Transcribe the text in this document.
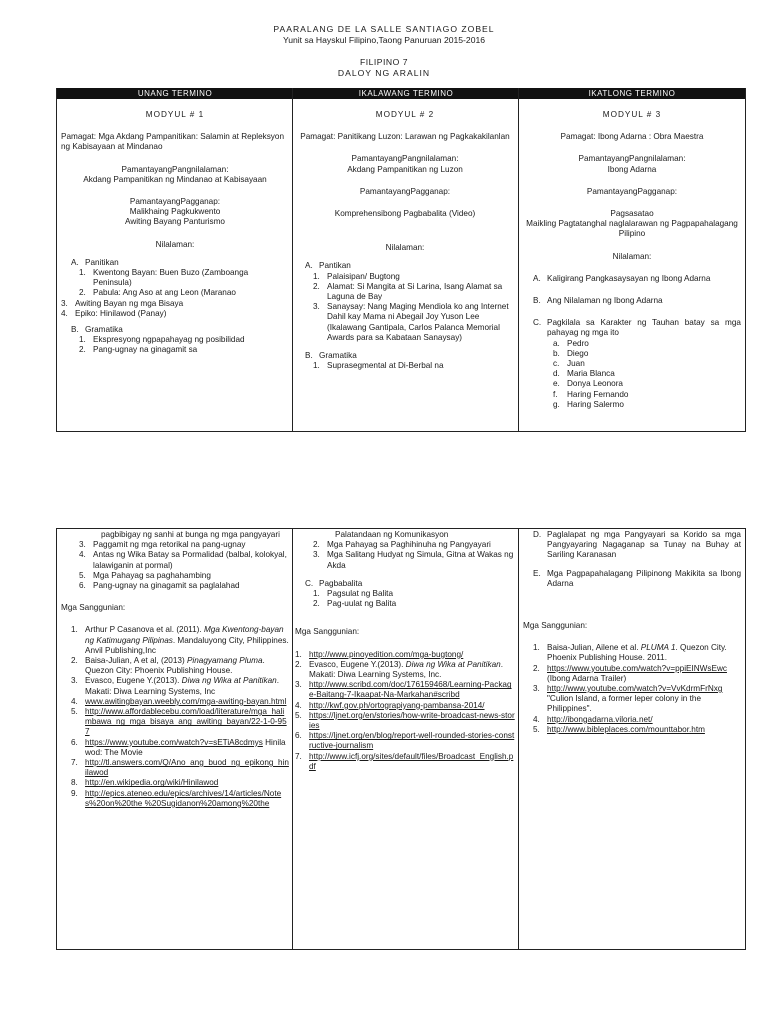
PAARALANG DE LA SALLE SANTIAGO ZOBEL
Yunit sa Hayskul Filipino,Taong Panuruan 2015-2016
FILIPINO 7
DALOY NG ARALIN
UNANG TERMINO	IKALAWANG TERMINO	IKATLONG TERMINO
MODYUL # 1
Pamagat: Mga Akdang Pampanitikan: Salamin at Repleksyon ng Kabisayaan at Mindanao
PamantayangPangnilalaman:
Akdang Pampanitikan ng Mindanao at Kabisayaan
PamantayangPagganap:
Malikhaing Pagkukwento
Awiting Bayang Panturismo
Nilalaman:
A. Panitikan
1. Kwentong Bayan: Buen Buzo (Zamboanga Peninsula)
2. Pabula: Ang Aso at ang Leon (Maranao
3. Awiting Bayan ng mga Bisaya
4. Epiko: Hinilawod (Panay)
B. Gramatika
1. Ekspresyong ngpapahayag ng posibilidad
2. Pang-ugnay na ginagamit sa
MODYUL # 2
Pamagat: Panitikang Luzon: Larawan ng Pagkakakilanlan
PamantayangPangnilalaman:
Akdang Pampanitikan ng Luzon
PamantayangPagganap:
Komprehensibong Pagbabalita (Video)
Nilalaman:
A. Pantikan
1. Palaisipan/ Bugtong
2. Alamat: Si Mangita at Si Larina, Isang Alamat sa Laguna de Bay
3. Sanaysay: Nang Maging Mendiola ko ang Internet Dahil kay Mama ni Abegail Joy Yuson Lee (Ikalawang Gantipala, Carlos Palanca Memorial Awards para sa Kabataan Sanaysay)
B. Gramatika
1. Suprasegmental at Di-Berbal na
MODYUL # 3
Pamagat: Ibong Adarna : Obra Maestra
PamantayangPangnilalaman:
Ibong Adarna
PamantayangPagganap:
Pagsasatao
Maikling Pagtatanghal naglalarawan ng Pagpapahalagang Pilipino
Nilalaman:
A. Kaligirang Pangkasaysayan ng Ibong Adarna
B. Ang Nilalaman ng Ibong Adarna
C. Pagkilala sa Karakter ng Tauhan batay sa mga pahayag ng mga ito
a. Pedro
b. Diego
c. Juan
d. Maria Blanca
e. Donya Leonora
f.	Haring Fernando
g. Haring Salermo
pagbibigay ng sanhi at bunga ng mga pangyayari
3. Paggamit ng mga retorikal na pang-ugnay
4. Antas ng Wika Batay sa Pormalidad (balbal, kolokyal, lalawiganin at pormal)
5. Mga Pahayag sa paghahambing
6. Pang-ugnay na ginagamit sa paglalahad
Mga Sanggunian:
1. Arthur P Casanova et al. (2011). Mga Kwentong-bayan ng Katimugang Pilipinas. Mandaluyong City, Philippines. Anvil Publishing,Inc
2. Baisa-Julian, A et al, (2013) Pinagyamang Pluma. Quezon City: Phoenix Publishing House.
3. Evasco, Eugene Y.(2013). Diwa ng Wika at Panitikan. Makati: Diwa Learning Systems, Inc
4. www.awitingbayan.weebly.com/mga-awiting-bayan.html
5. http://www.affordablecebu.com/load/literature/mga_halimbawa_ng_mga_bisaya_ang_awiting_bayan/22-1-0-957
6. https://www.youtube.com/watch?v=sETiA8cdmys Hinilawod: The Movie
7. http://tl.answers.com/Q/Ano_ang_buod_ng_epikong_hinilawod
8. http://en.wikipedia.org/wiki/Hinilawod
9. http://epics.ateneo.edu/epics/archives/14/articles/Notes%20on%20the %20Sugidanon%20among%20the
Palatandaan ng Komunikasyon
2. Mga Pahayag sa Paghihinuha ng Pangyayari
3. Mga Salitang Hudyat ng Simula, Gitna at Wakas ng Akda
C. Pagbabalita
1. Pagsulat ng Balita
2. Pag-uulat ng Balita
Mga Sanggunian:
1. http://www.pinoyedition.com/mga-bugtong/
2. Evasco, Eugene Y.(2013). Diwa ng Wika at Panitikan. Makati: Diwa Learning Systems, Inc.
3. http://www.scribd.com/doc/176159468/Learning-Package-Baitang-7-Ikaapat-Na-Markahan#scribd
4. http://kwf.gov.ph/ortograpiyang-pambansa-2014/
5. https://ljnet.org/en/stories/how-write-broadcast-news-stories
6. https://ljnet.org/en/blog/report-well-rounded-stories-constructive-journalism
7. http://www.icfj.org/sites/default/files/Broadcast_English.pdf
D. Paglalapat ng mga Pangyayari sa Korido sa mga Pangyayaring Nagaganap sa Tunay na Buhay at Sariling Karanasan
E. Mga Pagpapahalagang Pilipinong Makikita sa Ibong Adarna
Mga Sanggunian:
1. Baisa-Julian, Ailene et al. PLUMA 1. Quezon City. Phoenix Publishing House. 2011.
2. https://www.youtube.com/watch?v=ppiEINWsEwc
(Ibong Adarna Trailer)
3. http://www.youtube.com/watch?v=VvKdrmFrNxg "Culion Island, a former leper colony in the Philippines".
4. http://ibongadarna.viloria.net/
5. http://www.bibleplaces.com/mounttabor.htm
